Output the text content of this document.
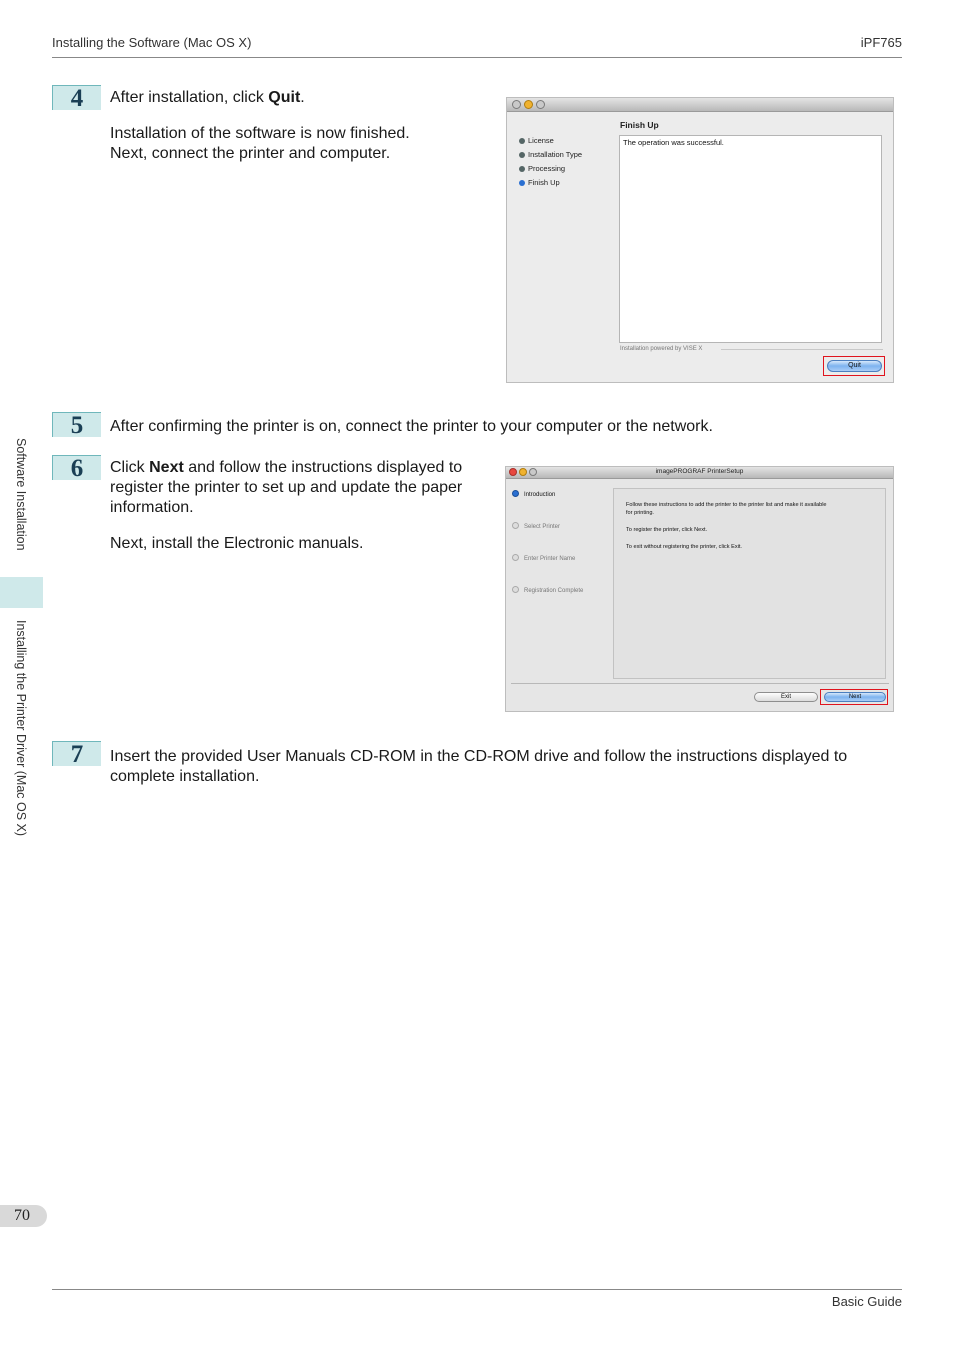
Installing the Software (Mac OS X)	iPF765
Software Installation
Installing the Printer Driver (Mac OS X)
4	After installation, click Quit.
Installation of the software is now finished.
Next, connect the printer and computer.
License
Installation Type
Processing
Finish Up
Finish Up
The operation was successful.
Installation powered by VISE X
Quit
5	After confirming the printer is on, connect the printer to your computer or the network.
6	Click Next and follow the instructions displayed to
register the printer to set up and update the paper
information.
Next, install the Electronic manuals.
imagePROGRAF PrinterSetup
Introduction
Select Printer
Enter Printer Name
Registration Complete
Follow these instructions to add the printer to the printer list and make it available
for printing.
To register the printer, click Next.
To exit without registering the printer, click Exit.
Exit	Next
7	Insert the provided User Manuals CD-ROM in the CD-ROM drive and follow the instructions displayed to
complete installation.
70
Basic Guide
